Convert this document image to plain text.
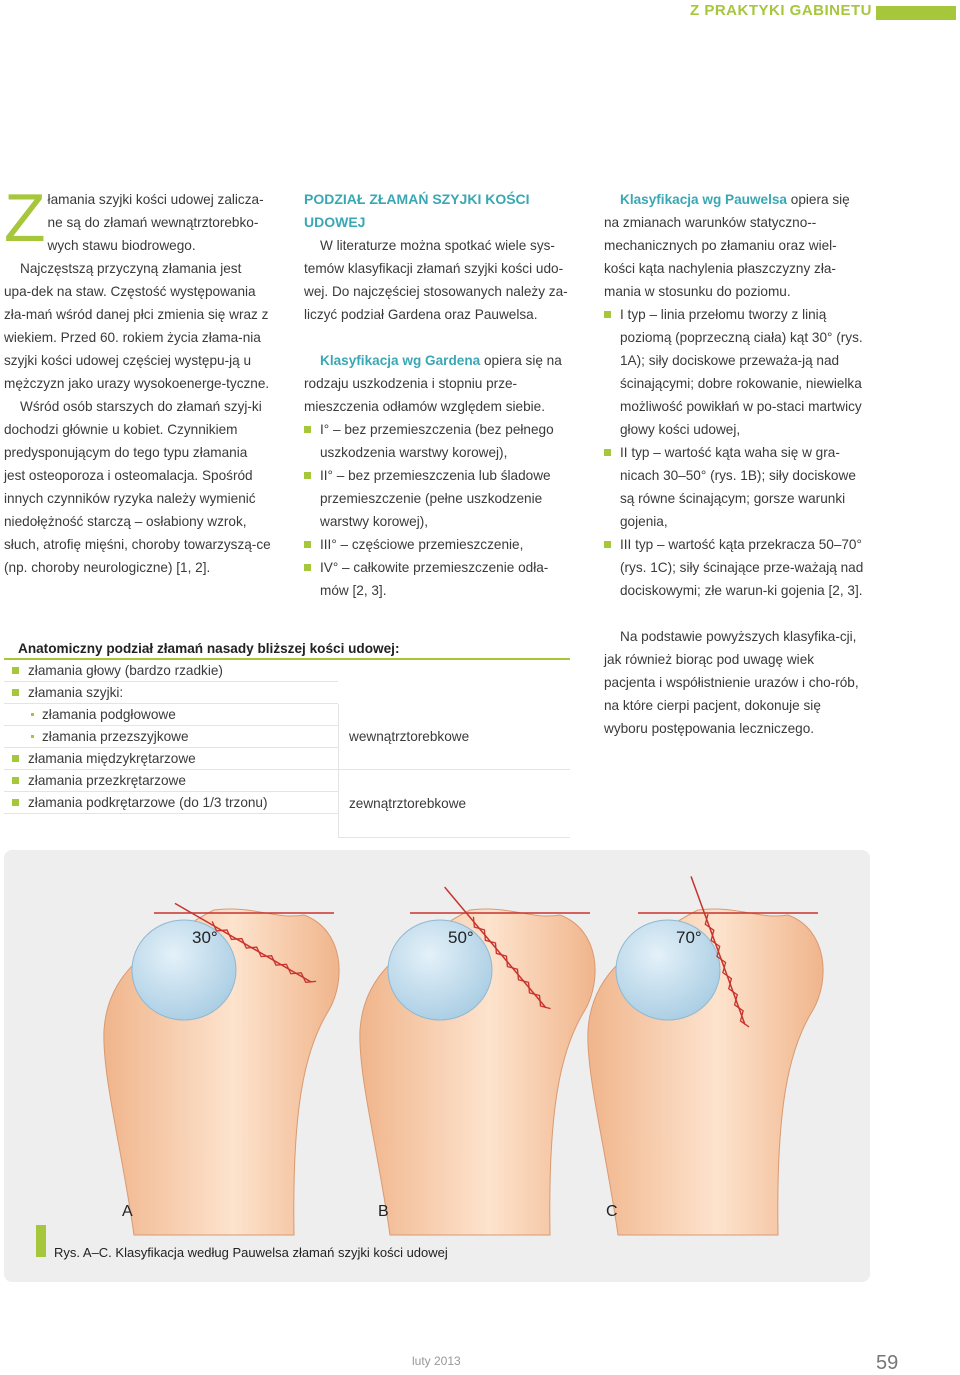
Z PRAKTYKI GABINETU

Złamania szyjki kości udowej zalicza-ne są do złamań wewnątrztorebko-wych stawu biodrowego.

Najczęstszą przyczyną złamania jest upa-dek na staw. Częstość występowania zła-mań wśród danej płci zmienia się wraz z wiekiem. Przed 60. rokiem życia złama-nia szyjki kości udowej częściej występu-ją u mężczyzn jako urazy wysokoenerge-tyczne.

Wśród osób starszych do złamań szyj-ki dochodzi głównie u kobiet. Czynnikiem predysponującym do tego typu złamania jest osteoporoza i osteomalacja. Spośród innych czynników ryzyka należy wymienić niedołężność starczą – osłabiony wzrok, słuch, atrofię mięśni, choroby towarzyszą-ce (np. choroby neurologiczne) [1, 2].

PODZIAŁ ZŁAMAŃ SZYJKI KOŚCI UDOWEJ

W literaturze można spotkać wiele sys-temów klasyfikacji złamań szyjki kości udo-wej. Do najczęściej stosowanych należy za-liczyć podział Gardena oraz Pauwelsa.

Klasyfikacja wg Gardena opiera się na rodzaju uszkodzenia i stopniu prze-mieszczenia odłamów względem siebie.

I° – bez przemieszczenia (bez pełnego uszkodzenia warstwy korowej),
II° – bez przemieszczenia lub śladowe przemieszczenie (pełne uszkodzenie warstwy korowej),
III° – częściowe przemieszczenie,
IV° – całkowite przemieszczenie odła-mów [2, 3].

Klasyfikacja wg Pauwelsa opiera się na zmianach warunków statyczno--mechanicznych po złamaniu oraz wiel-kości kąta nachylenia płaszczyzny zła-mania w stosunku do poziomu.

I typ – linia przełomu tworzy z linią poziomą (poprzeczną ciała) kąt 30° (rys. 1A); siły dociskowe przeważa-ją nad ścinającymi; dobre rokowanie, niewielka możliwość powikłań w po-staci martwicy głowy kości udowej,
II typ – wartość kąta waha się w gra-nicach 30–50° (rys. 1B); siły dociskowe są równe ścinającym; gorsze warunki gojenia,
III typ – wartość kąta przekracza 50–70° (rys. 1C); siły ścinające prze-ważają nad dociskowymi; złe warun-ki gojenia [2, 3].

Na podstawie powyższych klasyfika-cji, jak również biorąc pod uwagę wiek pacjenta i współistnienie urazów i cho-rób, na które cierpi pacjent, dokonuje się wyboru postępowania leczniczego.

Anatomiczny podział złamań nasady bliższej kości udowej:
złamania głowy (bardzo rzadkie)
złamania szyjki:
złamania podgłowowe
złamania przezszyjkowe
złamania międzykrętarzowe
złamania przezkrętarzowe
złamania podkrętarzowe (do 1/3 trzonu)
wewnątrztorebkowe
zewnątrztorebkowe
30°
A
50°
B
70°
C
Rys. A–C. Klasyfikacja według Pauwelsa złamań szyjki kości udowej
luty 2013	59
